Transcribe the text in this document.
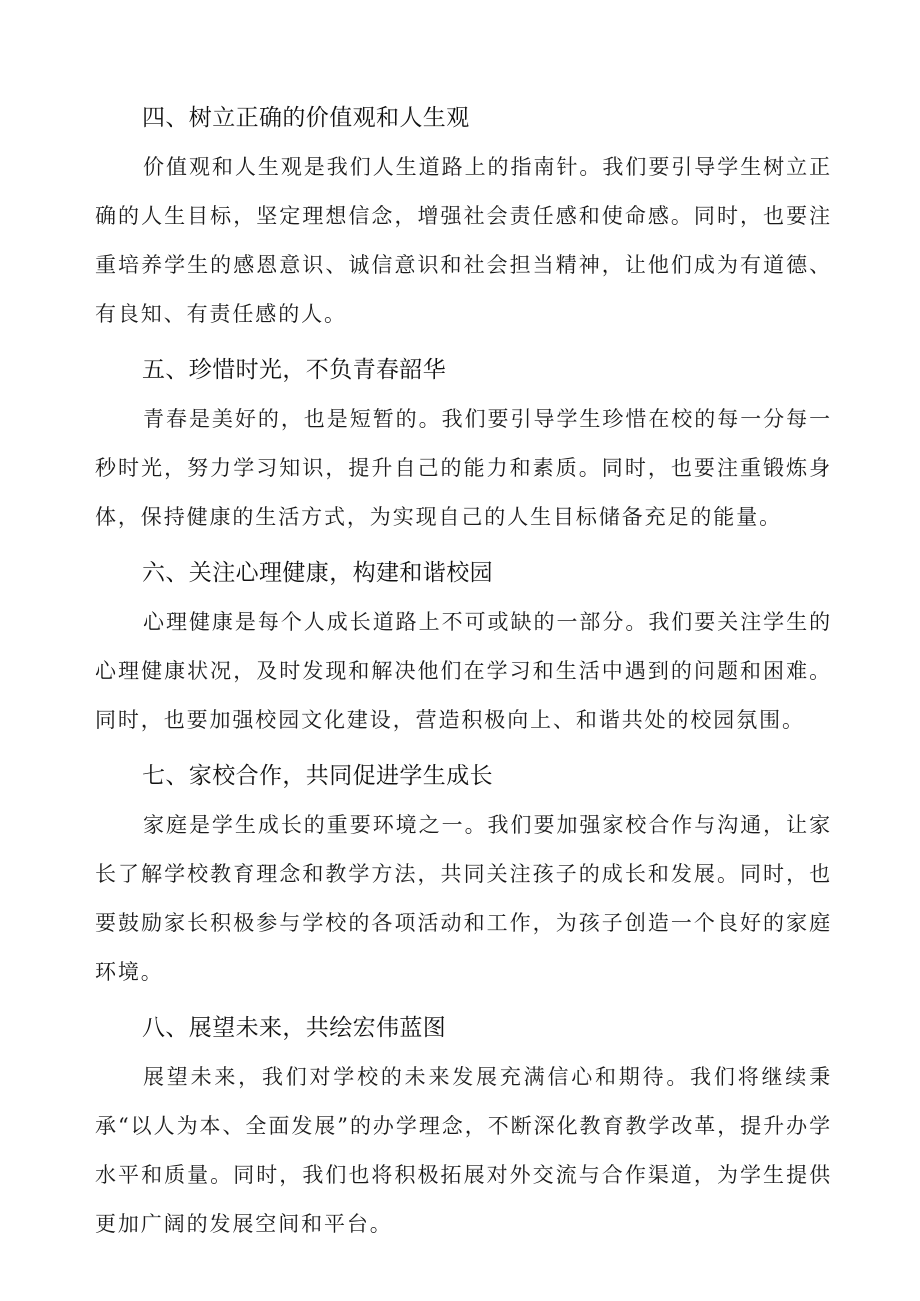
四、树立正确的价值观和人生观

价值观和人生观是我们人生道路上的指南针。我们要引导学生树立正确的人生目标，坚定理想信念，增强社会责任感和使命感。同时，也要注重培养学生的感恩意识、诚信意识和社会担当精神，让他们成为有道德、有良知、有责任感的人。

五、珍惜时光，不负青春韶华

青春是美好的，也是短暂的。我们要引导学生珍惜在校的每一分每一秒时光，努力学习知识，提升自己的能力和素质。同时，也要注重锻炼身体，保持健康的生活方式，为实现自己的人生目标储备充足的能量。

六、关注心理健康，构建和谐校园

心理健康是每个人成长道路上不可或缺的一部分。我们要关注学生的心理健康状况，及时发现和解决他们在学习和生活中遇到的问题和困难。同时，也要加强校园文化建设，营造积极向上、和谐共处的校园氛围。

七、家校合作，共同促进学生成长

家庭是学生成长的重要环境之一。我们要加强家校合作与沟通，让家长了解学校教育理念和教学方法，共同关注孩子的成长和发展。同时，也要鼓励家长积极参与学校的各项活动和工作，为孩子创造一个良好的家庭环境。

八、展望未来，共绘宏伟蓝图

展望未来，我们对学校的未来发展充满信心和期待。我们将继续秉承“以人为本、全面发展”的办学理念，不断深化教育教学改革，提升办学水平和质量。同时，我们也将积极拓展对外交流与合作渠道，为学生提供更加广阔的发展空间和平台。
